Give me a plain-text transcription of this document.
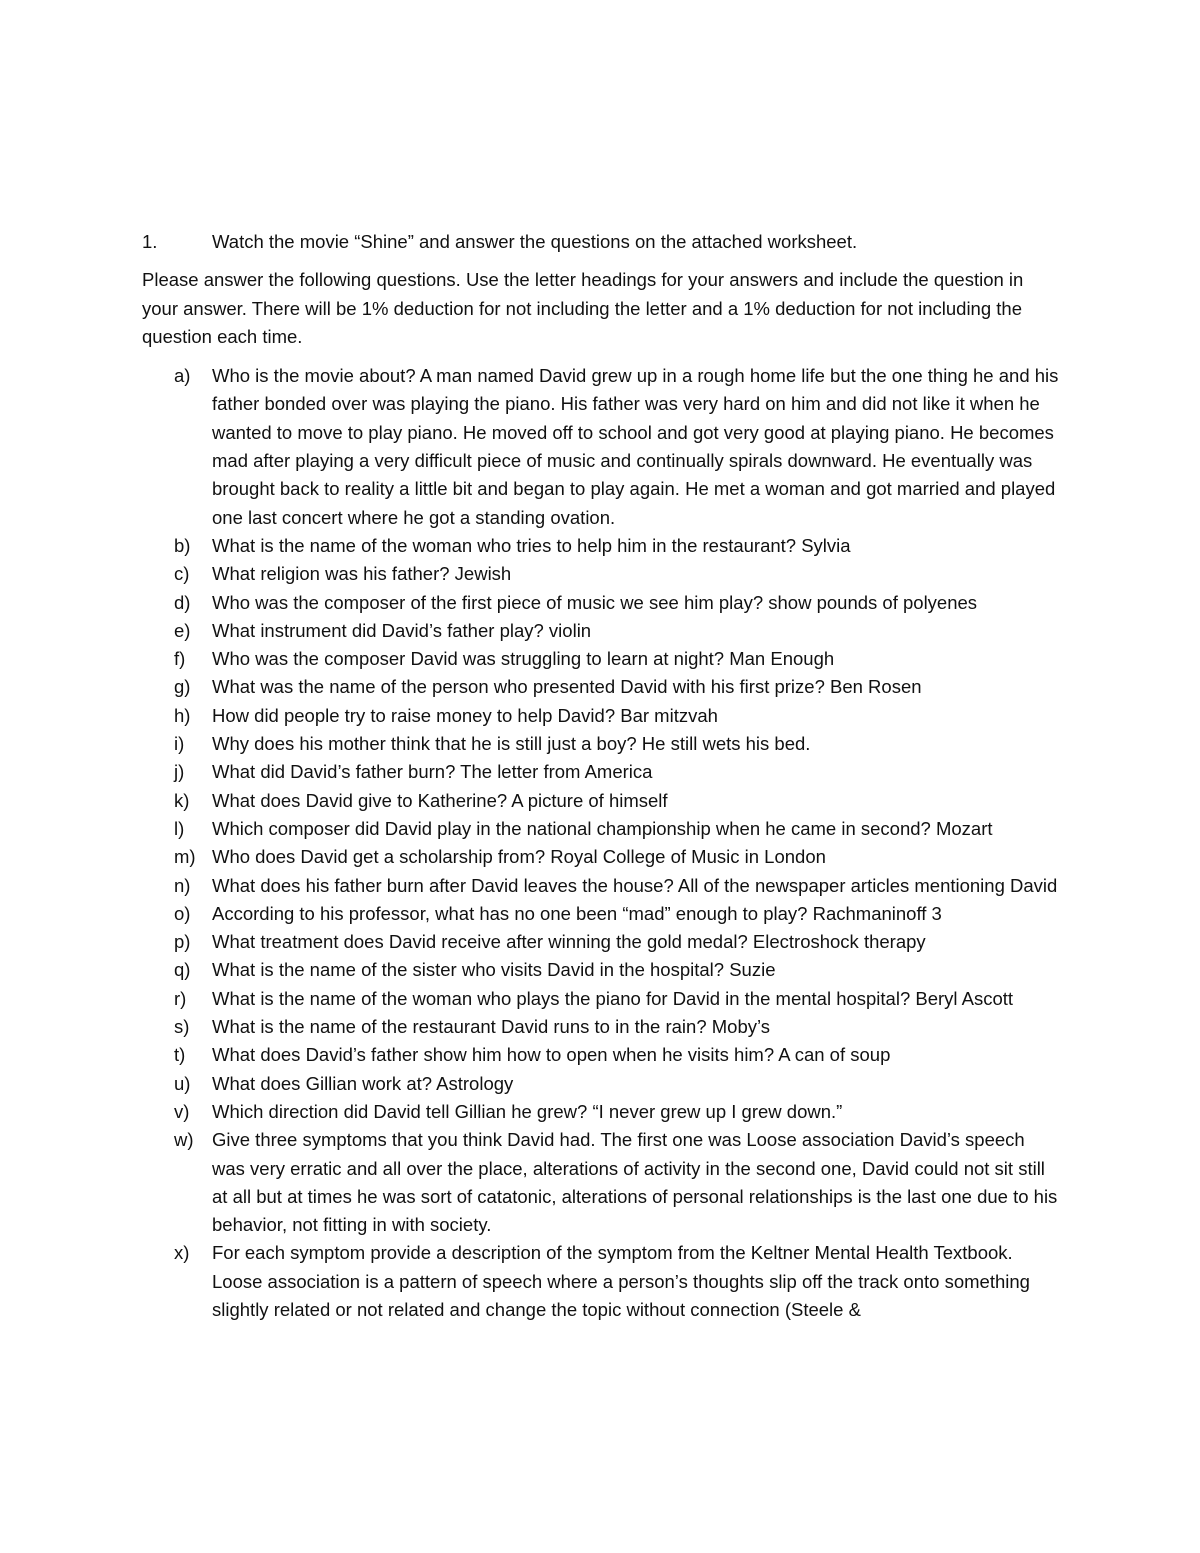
1.	Watch the movie “Shine” and answer the questions on the attached worksheet.

Please answer the following questions. Use the letter headings for your answers and include the question in your answer. There will be 1% deduction for not including the letter and a 1% deduction for not including the question each time.

a)	Who is the movie about? A man named David grew up in a rough home life but the one thing he and his father bonded over was playing the piano. His father was very hard on him and did not like it when he wanted to move to play piano. He moved off to school and got very good at playing piano. He becomes mad after playing a very difficult piece of music and continually spirals downward. He eventually was brought back to reality a little bit and began to play again. He met a woman and got married and played one last concert where he got a standing ovation.
b)	What is the name of the woman who tries to help him in the restaurant? Sylvia
c)	What religion was his father? Jewish
d)	Who was the composer of the first piece of music we see him play? show pounds of polyenes
e)	What instrument did David’s father play? violin
f)	Who was the composer David was struggling to learn at night? Man Enough
g)	What was the name of the person who presented David with his first prize? Ben Rosen
h)	How did people try to raise money to help David? Bar mitzvah
i)	Why does his mother think that he is still just a boy? He still wets his bed.
j)	What did David’s father burn? The letter from America
k)	What does David give to Katherine? A picture of himself
l)	Which composer did David play in the national championship when he came in second? Mozart
m) Who does David get a scholarship from? Royal College of Music in London
n)	What does his father burn after David leaves the house? All of the newspaper articles mentioning David
o)	According to his professor, what has no one been “mad” enough to play? Rachmaninoff 3
p)	What treatment does David receive after winning the gold medal? Electroshock therapy
q)	What is the name of the sister who visits David in the hospital? Suzie
r)	What is the name of the woman who plays the piano for David in the mental hospital? Beryl Ascott
s)	What is the name of the restaurant David runs to in the rain? Moby’s
t)	What does David’s father show him how to open when he visits him? A can of soup
u)	What does Gillian work at? Astrology
v)	Which direction did David tell Gillian he grew? “I never grew up I grew down.”
w) Give three symptoms that you think David had. The first one was Loose association David’s speech was very erratic and all over the place, alterations of activity in the second one, David could not sit still at all but at times he was sort of catatonic, alterations of personal relationships is the last one due to his behavior, not fitting in with society.
x)	For each symptom provide a description of the symptom from the Keltner Mental Health Textbook. Loose association is a pattern of speech where a person’s thoughts slip off the track onto something slightly related or not related and change the topic without connection (Steele &
